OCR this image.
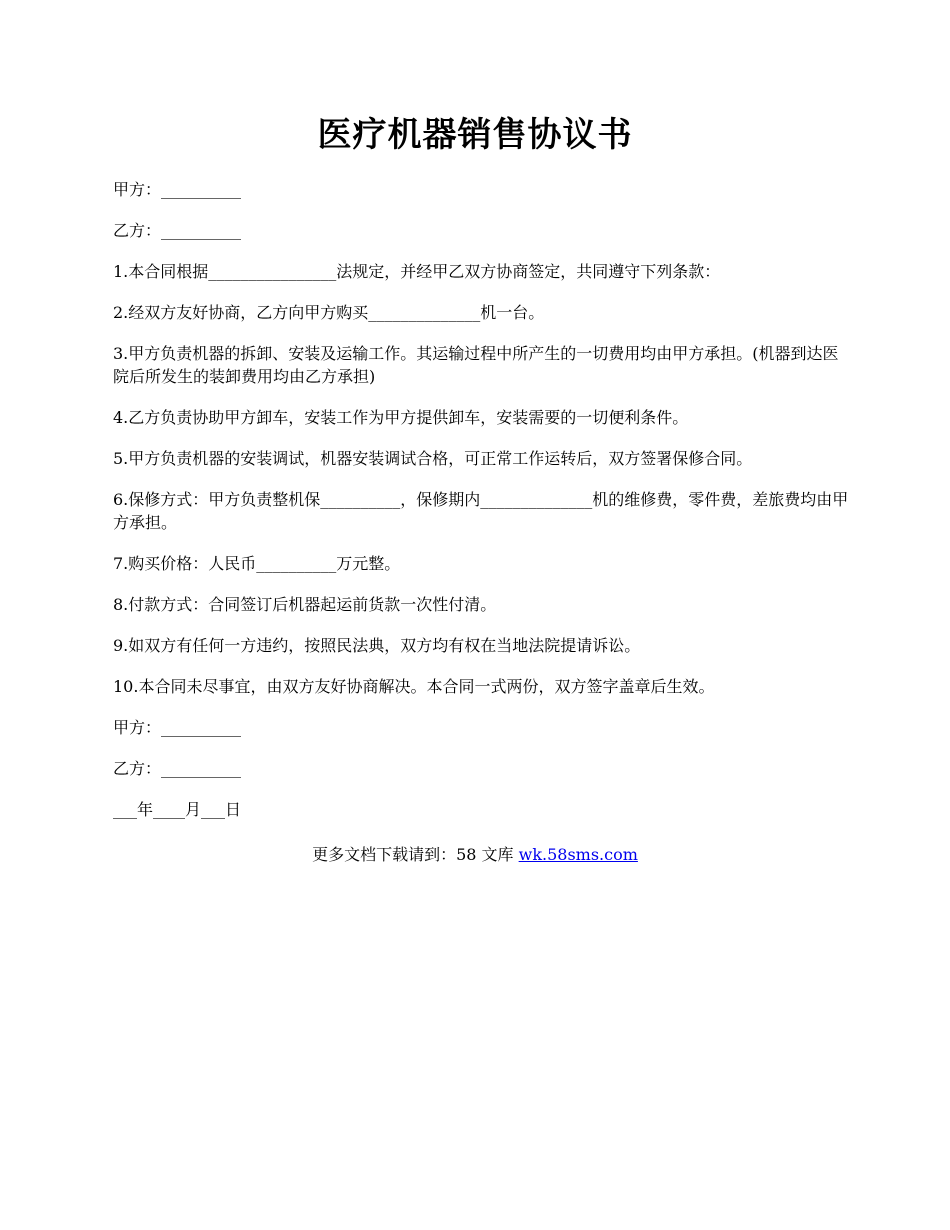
医疗机器销售协议书

甲方：__________

乙方：__________

1.本合同根据________________法规定，并经甲乙双方协商签定，共同遵守下列条款：

2.经双方友好协商，乙方向甲方购买______________机一台。

3.甲方负责机器的拆卸、安装及运输工作。其运输过程中所产生的一切费用均由甲方承担。(机器到达医院后所发生的装卸费用均由乙方承担)

4.乙方负责协助甲方卸车，安装工作为甲方提供卸车，安装需要的一切便利条件。

5.甲方负责机器的安装调试，机器安装调试合格，可正常工作运转后，双方签署保修合同。

6.保修方式：甲方负责整机保__________，保修期内______________机的维修费，零件费，差旅费均由甲方承担。

7.购买价格：人民币__________万元整。

8.付款方式：合同签订后机器起运前货款一次性付清。

9.如双方有任何一方违约，按照民法典，双方均有权在当地法院提请诉讼。

10.本合同未尽事宜，由双方友好协商解决。本合同一式两份，双方签字盖章后生效。

甲方：__________

乙方：__________

___年____月___日

更多文档下载请到：58 文库 wk.58sms.com
